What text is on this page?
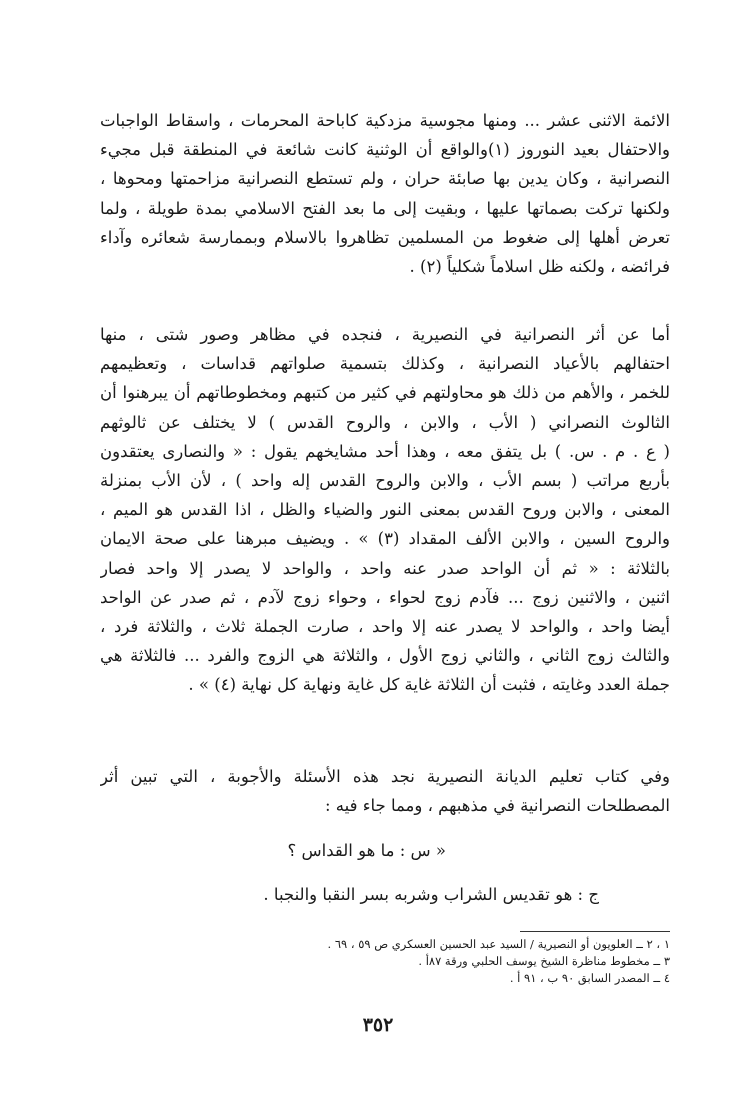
الائمة الاثنى عشر ... ومنها مجوسية مزدكية كاباحة المحرمات ، واسقاط الواجبات
والاحتفال بعيد النوروز (١)والواقع أن الوثنية كانت شائعة في المنطقة قبل مجيء
النصرانية ، وكان يدين بها صابئة حران ، ولم تستطع النصرانية مزاحمتها ومحوها ،
ولكنها تركت بصماتها عليها ، وبقيت إلى ما بعد الفتح الاسلامي بمدة طويلة ، ولما
تعرض أهلها إلى ضغوط من المسلمين تظاهروا بالاسلام وبممارسة شعائره وآداء
فرائضه ، ولكنه ظل اسلاماً شكلياً (٢) .
أما عن أثر النصرانية في النصيرية ، فنجده في مظاهر وصور شتى ، منها
احتفالهم بالأعياد النصرانية ، وكذلك بتسمية صلواتهم قداسات ، وتعظيمهم
للخمر ، والأهم من ذلك هو محاولتهم في كثير من كتبهم ومخطوطاتهم أن يبرهنوا أن
الثالوث النصراني ( الأب ، والابن ، والروح القدس ) لا يختلف عن ثالوثهم
( ع . م . س. ) بل يتفق معه ، وهذا أحد مشايخهم يقول : « والنصارى يعتقدون
بأربع مراتب ( بسم الأب ، والابن والروح القدس إله واحد ) ، لأن الأب بمنزلة
المعنى ، والابن وروح القدس بمعنى النور والضياء والظل ، اذا القدس هو الميم ،
والروح السين ، والابن الألف المقداد (٣) » . ويضيف مبرهنا على صحة الايمان
بالثلاثة : « ثم أن الواحد صدر عنه واحد ، والواحد لا يصدر إلا واحد فصار
اثنين ، والاثنين زوج ... فآدم زوج لحواء ، وحواء زوج لآدم ، ثم صدر عن الواحد
أيضا واحد ، والواحد لا يصدر عنه إلا واحد ، صارت الجملة ثلاث ، والثلاثة فرد ،
والثالث زوج الثاني ، والثاني زوج الأول ، والثلاثة هي الزوج والفرد ... فالثلاثة هي
جملة العدد وغايته ، فثبت أن الثلاثة غاية كل غاية ونهاية كل نهاية (٤) » .
وفي كتاب تعليم الديانة النصيرية نجد هذه الأسئلة والأجوبة ، التي تبين أثر
المصطلحات النصرانية في مذهبهم ، ومما جاء فيه :
« س : ما هو القداس ؟
ج : هو تقديس الشراب وشربه بسر النقبا والنجبا .
١ ، ٢ ــ العلويون أو النصيرية / السيد عبد الحسين العسكري ص ٥٩ ، ٦٩ .
٣ ــ مخطوط مناظرة الشيخ يوسف الحلبي ورقة ٨٧أ .
٤ ــ المصدر السابق ٩٠ ب ، ٩١ أ .
٣٥٢
